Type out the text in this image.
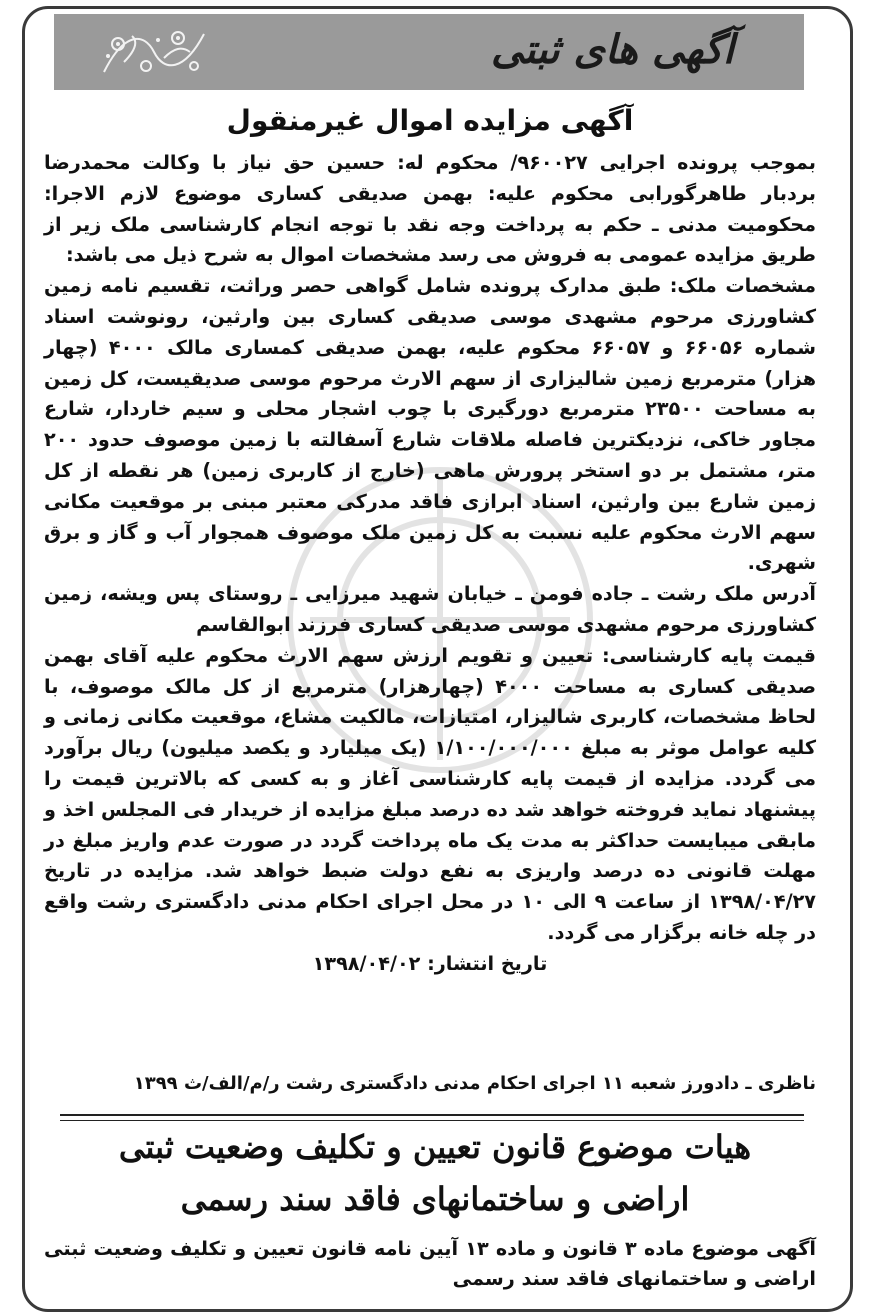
آگهی های ثبتی
آگهی مزایده اموال غیرمنقول

بموجب پرونده اجرایی ۹۶۰۰۲۷/ محکوم له: حسین حق نیاز با وکالت محمدرضا بردبار طاهرگورابی محکوم علیه: بهمن صدیقی کساری موضوع لازم الاجرا: محکومیت مدنی ـ حکم به پرداخت وجه نقد با توجه انجام کارشناسی ملک زیر از طریق مزایده عمومی به فروش می رسد مشخصات اموال به شرح ذیل می باشد:

مشخصات ملک: طبق مدارک پرونده شامل گواهی حصر وراثت، تقسیم نامه زمین کشاورزی مرحوم مشهدی موسی صدیقی کساری بین وارثین، رونوشت اسناد شماره ۶۶۰۵۶ و ۶۶۰۵۷ محکوم علیه، بهمن صدیقی کمساری مالک ۴۰۰۰ (چهار هزار) مترمربع زمین شالیزاری از سهم الارث مرحوم موسی صدیقیست، کل زمین به مساحت ۲۳۵۰۰ مترمربع دورگیری با چوب اشجار محلی و سیم خاردار، شارع مجاور خاکی، نزدیکترین فاصله ملاقات شارع آسفالته با زمین موصوف حدود ۲۰۰ متر، مشتمل بر دو استخر پرورش ماهی (خارج از کاربری زمین) هر نقطه از کل زمین شارع بین وارثین، اسناد ابرازی فاقد مدرکی معتبر مبنی بر موقعیت مکانی سهم الارث محکوم علیه نسبت به کل زمین ملک موصوف همجوار آب و گاز و برق شهری.

آدرس ملک رشت ـ جاده فومن ـ خیابان شهید میرزایی ـ روستای پس ویشه، زمین کشاورزی مرحوم مشهدی موسی صدیقی کساری فرزند ابوالقاسم

قیمت پایه کارشناسی: تعیین و تقویم ارزش سهم الارث محکوم علیه آقای بهمن صدیقی کساری به مساحت ۴۰۰۰ (چهارهزار) مترمربع از کل مالک موصوف، با لحاظ مشخصات، کاربری شالیزار، امتیازات، مالکیت مشاع، موقعیت مکانی زمانی و کلیه عوامل موثر به مبلغ ۱/۱۰۰/۰۰۰/۰۰۰ (یک میلیارد و یکصد میلیون) ریال برآورد می گردد. مزایده از قیمت پایه کارشناسی آغاز و به کسی که بالاترین قیمت را پیشنهاد نماید فروخته خواهد شد ده درصد مبلغ مزایده از خریدار فی المجلس اخذ و مابقی میبایست حداکثر به مدت یک ماه پرداخت گردد در صورت عدم واریز مبلغ در مهلت قانونی ده درصد واریزی به نفع دولت ضبط خواهد شد. مزایده در تاریخ ۱۳۹۸/۰۴/۲۷ از ساعت ۹ الی ۱۰ در محل اجرای احکام مدنی دادگستری رشت واقع در چله خانه برگزار می گردد.

تاریخ انتشار: ۱۳۹۸/۰۴/۰۲

ناظری ـ دادورز شعبه ۱۱ اجرای احکام مدنی دادگستری رشت ر/م/الف/ث ۱۳۹۹
هیات موضوع قانون تعیین و تکلیف وضعیت ثبتی
اراضی و ساختمانهای فاقد سند رسمی

آگهی موضوع ماده ۳ قانون و ماده ۱۳ آیین نامه قانون تعیین و تکلیف وضعیت ثبتی اراضی و ساختمانهای فاقد سند رسمی
